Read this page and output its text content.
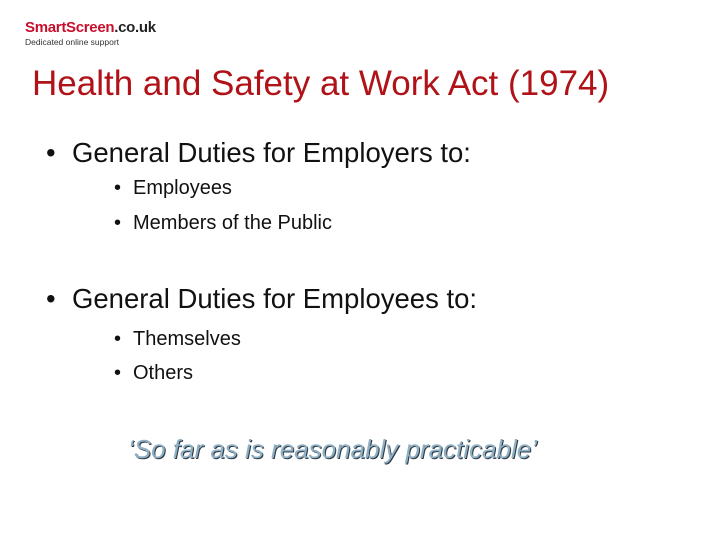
SmartScreen.co.uk
Dedicated online support
Health and Safety at Work Act (1974)
• General Duties for Employers to:
• Employees
• Members of the Public
• General Duties for Employees to:
• Themselves
• Others
‘So far as is reasonably practicable’
